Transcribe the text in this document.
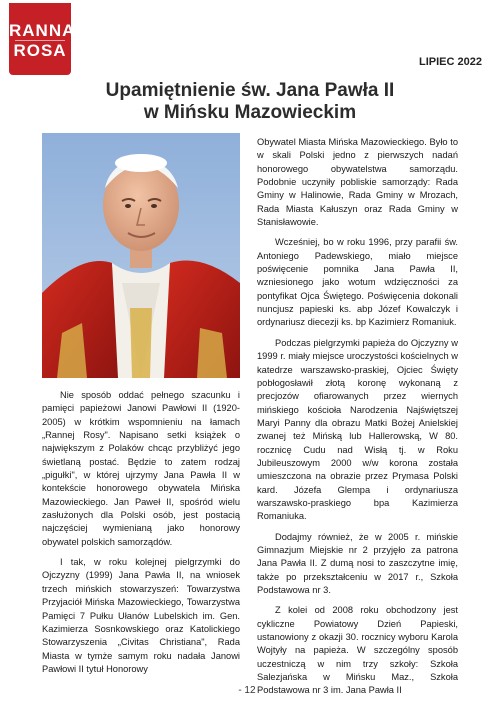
RANNA
ROSA
LIPIEC 2022
Upamiętnienie św. Jana Pawła II
w Mińsku Mazowieckim

Nie sposób oddać pełnego szacunku i pamięci papieżowi Janowi Pawłowi II (1920- 2005) w krótkim wspomnieniu na łamach „Rannej Rosy". Napisano setki książek o największym z Polaków chcąc przybliżyć jego świetlaną postać. Będzie to zatem rodzaj „pigułki", w której ujrzymy Jana Pawła II w kontekście honorowego obywatela Mińska Mazowieckiego. Jan Paweł II, spośród wielu zasłużonych dla Polski osób, jest postacią najczęściej wymienianą jako honorowy obywatel polskich samorządów.

I tak, w roku kolejnej pielgrzymki do Ojczyzny (1999) Jana Pawła II, na wniosek trzech mińskich stowarzyszeń: Towarzystwa Przyjaciół Mińska Mazowieckiego, Towarzystwa Pamięci 7 Pułku Ułanów Lubelskich im. Gen. Kazimierza Sosnkowskiego oraz Katolickiego Stowarzyszenia „Civitas Christiana", Rada Miasta w tymże samym roku nadała Janowi Pawłowi II tytuł Honorowy

Obywatel Miasta Mińska Mazowieckiego. Było to w skali Polski jedno z pierwszych nadań honorowego obywatelstwa samorządu. Podobnie uczyniły pobliskie samorządy: Rada Gminy w Halinowie, Rada Gminy w Mrozach, Rada Miasta Kałuszyn oraz Rada Gminy w Stanisławowie.

Wcześniej, bo w roku 1996, przy parafii św. Antoniego Padewskiego, miało miejsce poświęcenie pomnika Jana Pawła II, wzniesionego jako wotum wdzięczności za pontyfikat Ojca Świętego. Poświęcenia dokonali nuncjusz papieski ks. abp Józef Kowalczyk i ordynariusz diecezji ks. bp Kazimierz Romaniuk.

Podczas pielgrzymki papieża do Ojczyzny w 1999 r. miały miejsce uroczystości kościelnych w katedrze warszawsko-praskiej, Ojciec Święty pobłogosławił złotą koronę wykonaną z precjozów ofiarowanych przez wiernych mińskiego kościoła Narodzenia Najświętszej Maryi Panny dla obrazu Matki Bożej Anielskiej zwanej też Mińską lub Hallerowską, W 80. rocznicę Cudu nad Wisłą tj. w Roku Jubileuszowym 2000 w/w korona została umieszczona na obrazie przez Prymasa Polski kard. Józefa Glempa i ordynariusza warszawsko-praskiego bpa Kazimierza Romaniuka.

Dodajmy również, że w 2005 r. mińskie Gimnazjum Miejskie nr 2 przyjęło za patrona Jana Pawła II. Z dumą nosi to zaszczytne imię, także po przekształceniu w 2017 r., Szkoła Podstawowa nr 3.

Z kolei od 2008 roku obchodzony jest cykliczne Powiatowy Dzień Papieski, ustanowiony z okazji 30. rocznicy wyboru Karola Wojtyły na papieża. W szczególny sposób uczestniczą w nim trzy szkoły: Szkoła Salezjańska w Mińsku Maz., Szkoła Podstawowa nr 3 im. Jana Pawła II

- 12 -
